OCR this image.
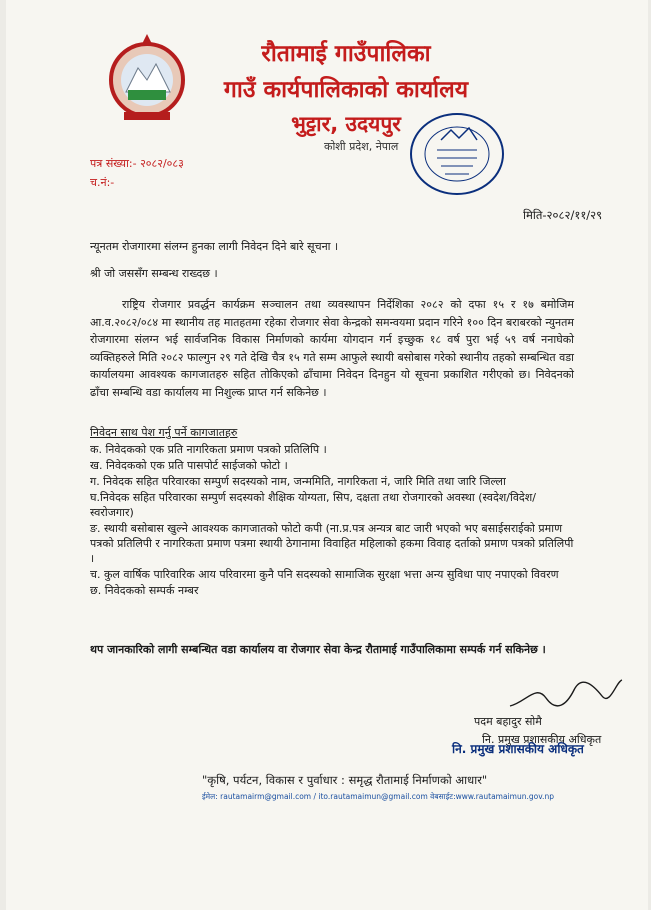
रौतामाई गाउँपालिका
गाउँ कार्यपालिकाको कार्यालय
भुट्टार, उदयपुर
कोशी प्रदेश, नेपाल
पत्र संख्या:- २०८२/०८३
च.नं:-
मिति-२०८२/११/२९
न्यूनतम रोजगारमा संलग्न हुनका लागी निवेदन दिने बारे सूचना ।
श्री जो जससँग सम्बन्ध राख्दछ ।
राष्ट्रिय रोजगार प्रवर्द्धन कार्यक्रम सञ्चालन तथा व्यवस्थापन निर्देशिका २०८२ को दफा १५ र १७ बमोजिम आ.व.२०८२/०८४ मा स्थानीय तह मातहतमा रहेका रोजगार सेवा केन्द्रको समन्वयमा प्रदान गरिने १०० दिन बराबरको न्युनतम रोजगारमा संलग्न भई सार्वजनिक विकास निर्माणको कार्यमा योगदान गर्न इच्छुक १८ वर्ष पुरा भई ५९ वर्ष ननाघेको व्यक्तिहरुले मिति २०८२ फाल्गुन २९ गते देखि चैत्र १५ गते सम्म आफुले स्थायी बसोबास गरेको स्थानीय तहको सम्बन्धित वडा कार्यालयमा आवश्यक कागजातहरु सहित तोकिएको ढाँचामा निवेदन दिनहुन यो सूचना प्रकाशित गरीएको छ। निवेदनको ढाँचा सम्बन्धि वडा कार्यालय मा निशुल्क प्राप्त गर्न सकिनेछ ।
निवेदन साथ पेश गर्नु पर्ने कागजातहरु
क. निवेदकको एक प्रति नागरिकता प्रमाण पत्रको प्रतिलिपि ।
ख. निवेदकको एक प्रति पासपोर्ट साईजको फोटो ।
ग. निवेदक सहित परिवारका सम्पुर्ण सदस्यको नाम, जन्ममिति, नागरिकता नं, जारि मिति तथा जारि जिल्ला
घ.निवेदक सहित परिवारका सम्पुर्ण सदस्यको शैक्षिक योग्यता, सिप, दक्षता तथा रोजगारको अवस्था (स्वदेश/विदेश/स्वरोजगार)
ङ. स्थायी बसोबास खुल्ने आवश्यक कागजातको फोटो कपी (ना.प्र.पत्र अन्यत्र बाट जारी भएको भए बसाईसराईको प्रमाण पत्रको प्रतिलिपी र नागरिकता प्रमाण पत्रमा स्थायी ठेगानामा विवाहित महिलाको हकमा विवाह दर्ताको प्रमाण पत्रको प्रतिलिपी ।
च. कुल वार्षिक पारिवारिक आय परिवारमा कुनै पनि सदस्यको सामाजिक सुरक्षा भत्ता अन्य सुविधा पाए नपाएको विवरण
छ. निवेदकको सम्पर्क नम्बर
थप जानकारिको लागी सम्बन्धित वडा कार्यालय वा रोजगार सेवा केन्द्र रौतामाई गाउँपालिकामा सम्पर्क गर्न सकिनेछ ।
पदम बहादुर सोमै
नि. प्रमुख प्रशासकीय अधिकृत
नि. प्रमुख प्रशासकीय अधिकृत
"कृषि, पर्यटन, विकास र पुर्वाधार : समृद्ध रौतामाई निर्माणको आधार"
ईमेल: rautamairm@gmail.com / ito.rautamaimun@gmail.com वेबसाईट:www.rautamaimun.gov.np
